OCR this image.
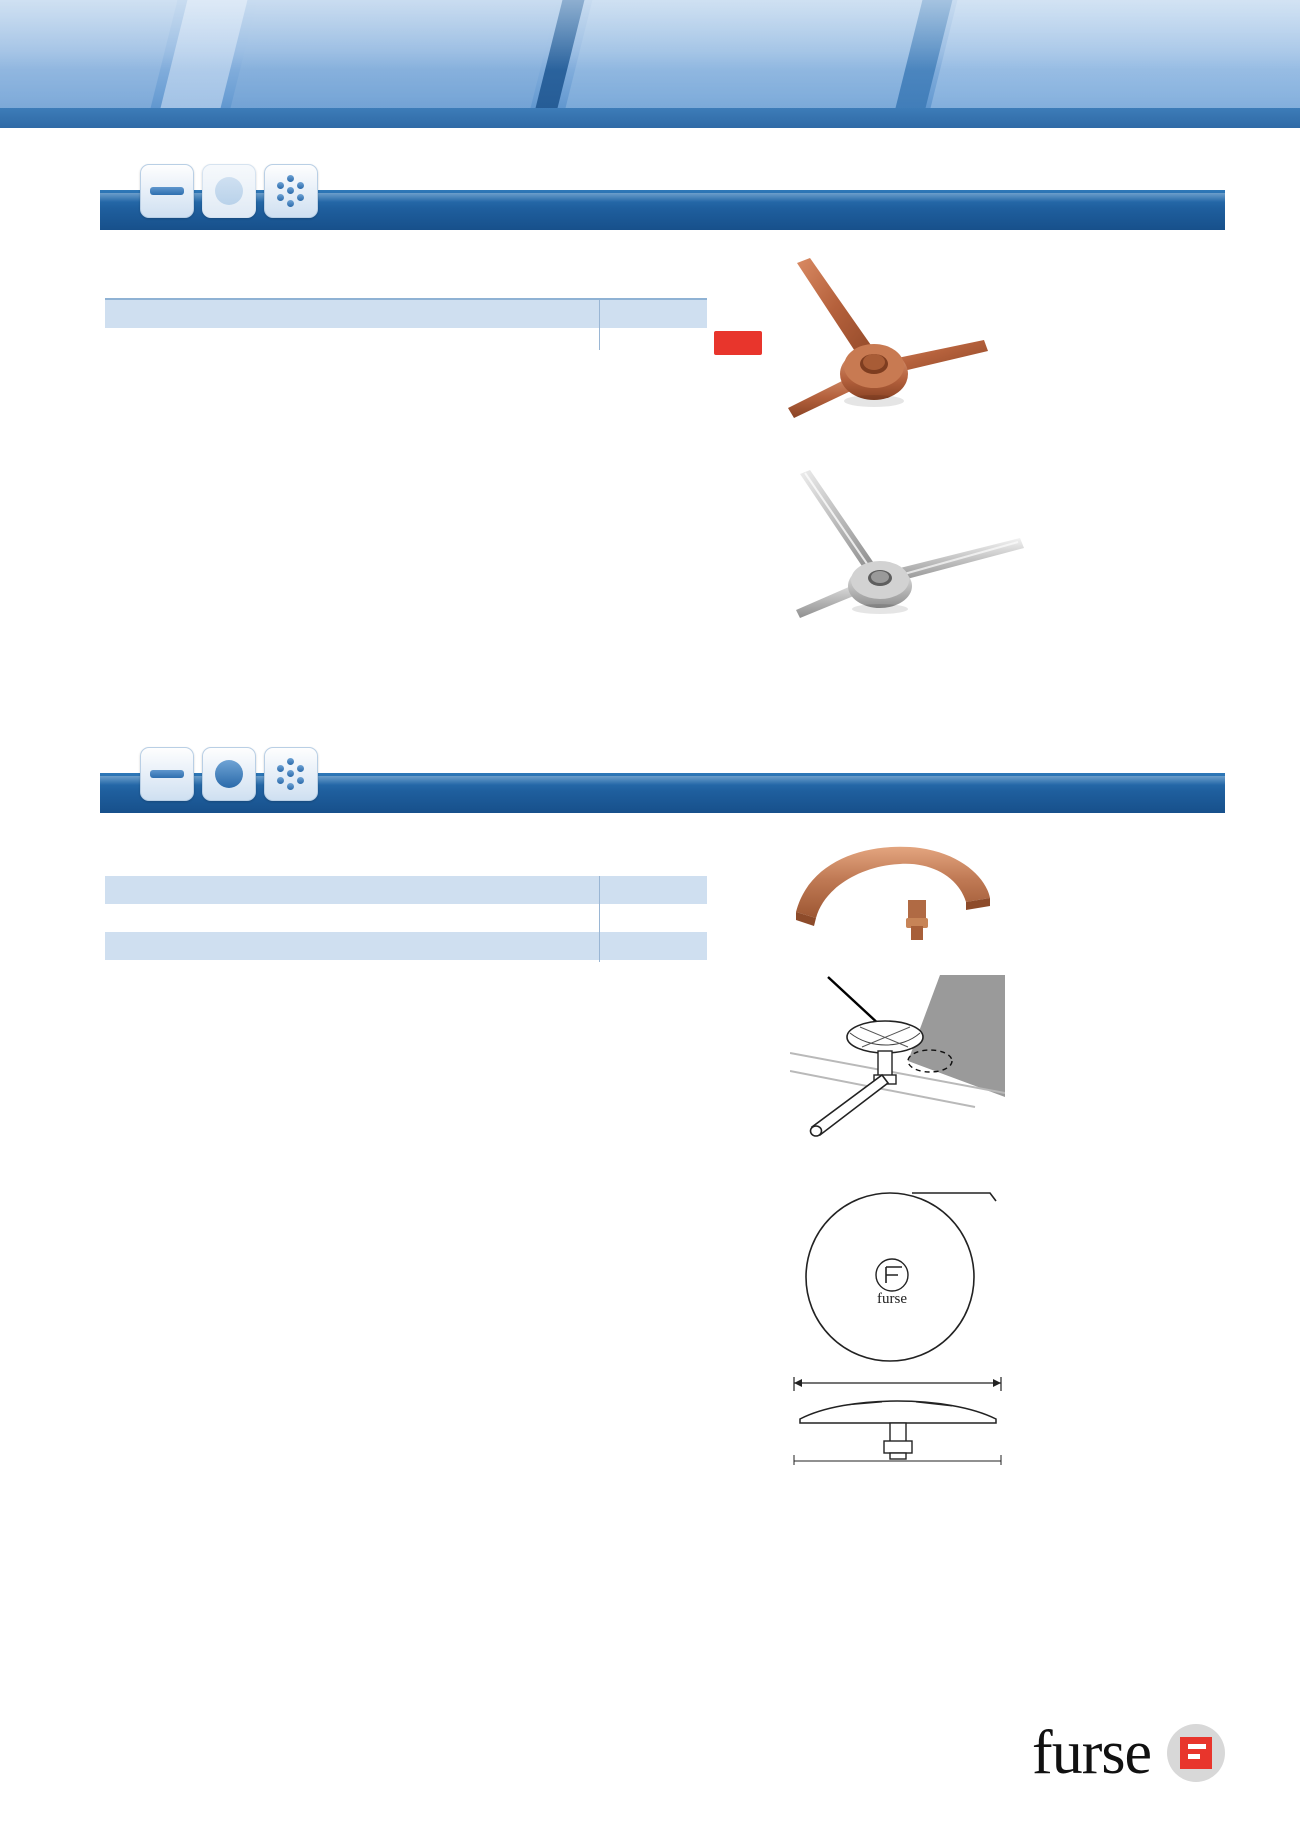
furse
furse
